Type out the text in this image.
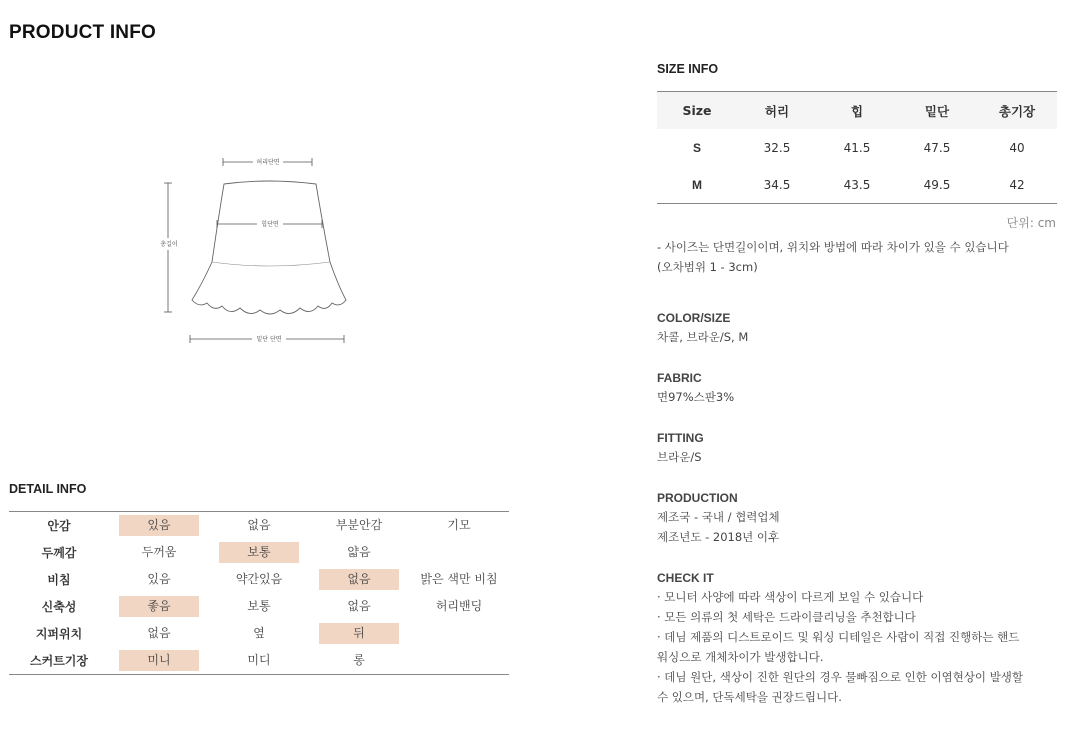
PRODUCT INFO
허리단면
총길이
힙단면
밑단 단면
DETAIL INFO
안감	있음	없음	부분안감	기모
두께감	두꺼움	보통	얇음
비침	있음	약간있음	없음	밝은 색만 비침
신축성	좋음	보통	없음	허리밴딩
지퍼위치	없음	옆	뒤
스커트기장	미니	미디	롱
SIZE INFO
Size	허리	힙	밑단	총기장
S	32.5	41.5	47.5	40
M	34.5	43.5	49.5	42
단위: cm
- 사이즈는 단면길이이며, 위치와 방법에 따라 차이가 있을 수 있습니다
(오차범위 1 - 3cm)
COLOR/SIZE
차콜, 브라운/S, M
FABRIC
면97%스판3%
FITTING
브라운/S
PRODUCTION
제조국 - 국내 / 협력업체
제조년도 - 2018년 이후
CHECK IT
· 모니터 사양에 따라 색상이 다르게 보일 수 있습니다
· 모든 의류의 첫 세탁은 드라이클리닝을 추천합니다
· 데님 제품의 디스트로이드 및 워싱 디테일은 사람이 직접 진행하는 핸드
워싱으로 개체차이가 발생합니다.
· 데님 원단, 색상이 진한 원단의 경우 물빠짐으로 인한 이염현상이 발생할
수 있으며, 단독세탁을 권장드립니다.
